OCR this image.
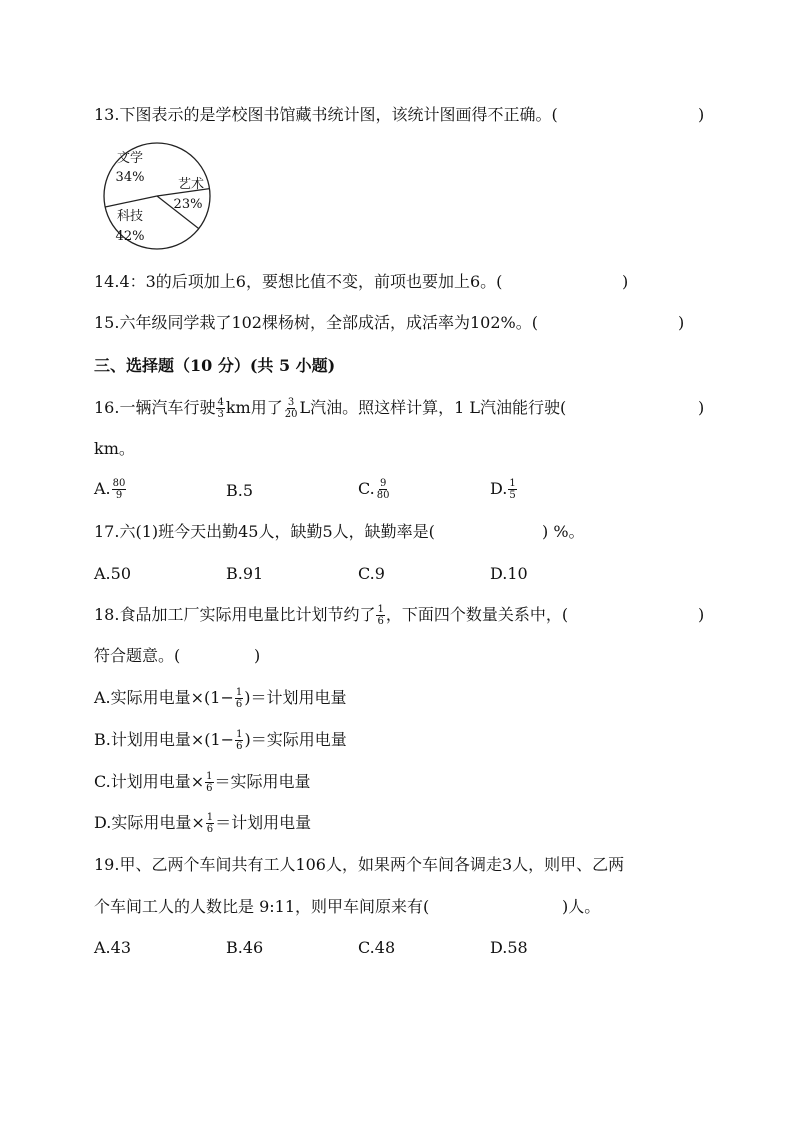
13.下图表示的是学校图书馆藏书统计图，该统计图画得不正确。(	)
文学
34%	艺术
23%
科技
42%
14.4：3的后项加上6，要想比值不变，前项也要加上6。(	)
15.六年级同学栽了102棵杨树，全部成活，成活率为102%。(	)
三、选择题（10 分）(共 5 小题)
16.一辆汽车行驶 $\frac{4}{3}$ km用了 $\frac{3}{20}$ L汽油。照这样计算，1 L汽油能行驶(	)
km。
A. $\frac{80}{9}$	B.5	C. $\frac{9}{80}$	D. $\frac{1}{5}$
17.六(1)班今天出勤45人，缺勤5人，缺勤率是(	) %。
A.50	B.91	C.9	D.10
18.食品加工厂实际用电量比计划节约了 $\frac{1}{6}$ ，下面四个数量关系中，(	)
符合题意。(	)
A.实际用电量$\times(1- \frac{1}{6}$ )＝计划用电量
B.计划用电量$\times(1- \frac{1}{6}$ )＝实际用电量
C.计划用电量× $\frac{1}{6}$ ＝实际用电量
D.实际用电量× $\frac{1}{6}$ ＝计划用电量
19.甲、乙两个车间共有工人106人，如果两个车间各调走3人，则甲、乙两
个车间工人的人数比是 9:11，则甲车间原来有(	)人。
A.43	B.46	C.48	D.58
